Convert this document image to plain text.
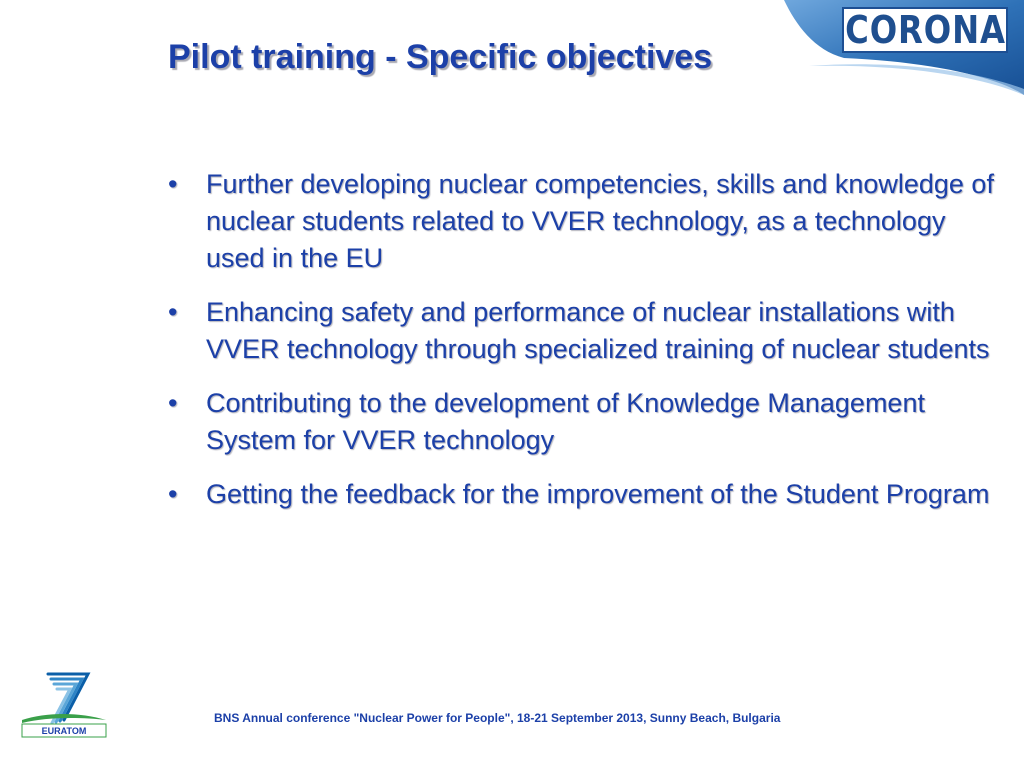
CORONA
Pilot training - Specific objectives
• Further developing nuclear competencies, skills and knowledge of nuclear students related to VVER technology, as a technology used in the EU
• Enhancing safety and performance of nuclear installations with VVER technology through specialized training of nuclear students
• Contributing to the development of Knowledge Management System for VVER technology
• Getting the feedback for the improvement of the Student Program
EURATOM
BNS Annual conference "Nuclear Power for People", 18-21 September 2013, Sunny Beach, Bulgaria
